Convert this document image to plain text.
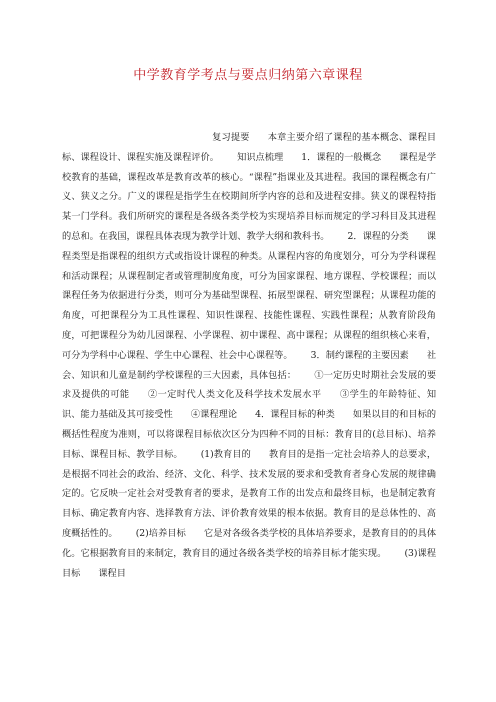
中学教育学考点与要点归纳第六章课程

复习提要 本章主要介绍了课程的基本概念、课程目标、课程设计、课程实施及课程评价。 知识点梳理 1．课程的一般概念 课程是学校教育的基础，课程改革是教育改革的核心。“课程”指课业及其进程。我国的课程概念有广义、狭义之分。广义的课程是指学生在校期间所学内容的总和及进程安排。狭义的课程特指某一门学科。我们所研究的课程是各级各类学校为实现培养目标而规定的学习科目及其进程的总和。在我国，课程具体表现为教学计划、教学大纲和教科书。 2．课程的分类 课程类型是指课程的组织方式或指设计课程的种类。从课程内容的角度划分，可分为学科课程和活动课程；从课程制定者或管理制度角度，可分为国家课程、地方课程、学校课程；而以课程任务为依据进行分类，则可分为基础型课程、拓展型课程、研究型课程；从课程功能的角度，可把课程分为工具性课程、知识性课程、技能性课程、实践性课程；从教育阶段角度，可把课程分为幼儿园课程、小学课程、初中课程、高中课程；从课程的组织核心来看，可分为学科中心课程、学生中心课程、社会中心课程等。 3．制约课程的主要因素 社会、知识和儿童是制约学校课程的三大因素，具体包括： ①一定历史时期社会发展的要求及提供的可能 ②一定时代人类文化及科学技术发展水平 ③学生的年龄特征、知识、能力基础及其可接受性 ④课程理论 4．课程目标的种类 如果以目的和目标的概括性程度为准则，可以将课程目标依次区分为四种不同的目标：教育目的(总目标)、培养目标、课程目标、教学目标。 (1)教育目的 教育目的是指一定社会培养人的总要求，是根据不同社会的政治、经济、文化、科学、技术发展的要求和受教育者身心发展的规律确定的。它反映一定社会对受教育者的要求，是教育工作的出发点和最终目标，也是制定教育目标、确定教育内容、选择教育方法、评价教育效果的根本依据。教育目的是总体性的、高度概括性的。 (2)培养目标 它是对各级各类学校的具体培养要求，是教育目的的具体化。它根据教育目的来制定，教育目的通过各级各类学校的培养目标才能实现。 (3)课程目标 课程目
